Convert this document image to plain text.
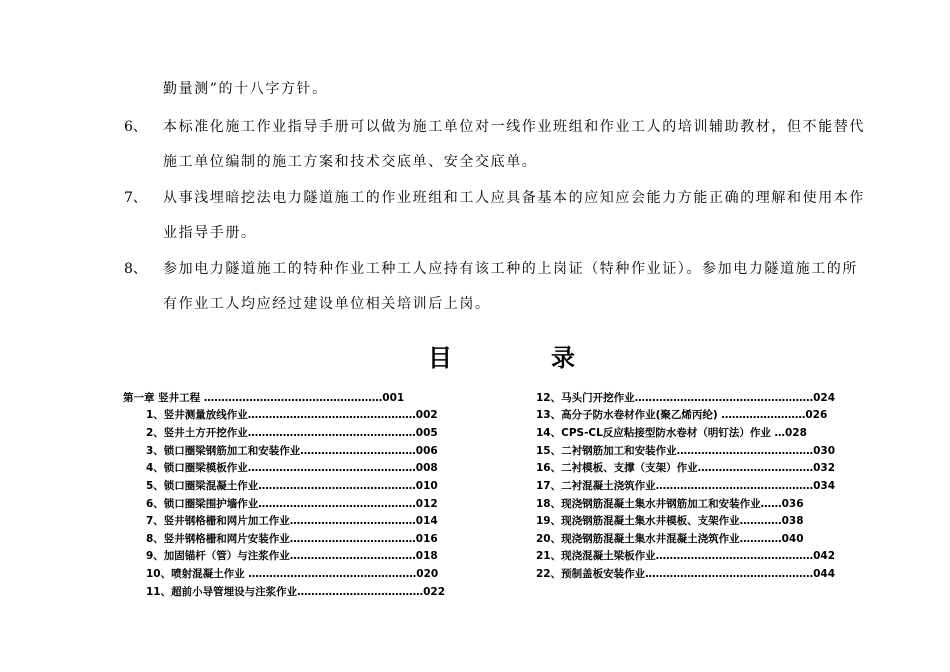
勤量测”的十八字方针。
6、 本标准化施工作业指导手册可以做为施工单位对一线作业班组和作业工人的培训辅助教材，但不能替代
施工单位编制的施工方案和技术交底单、安全交底单。
7、 从事浅埋暗挖法电力隧道施工的作业班组和工人应具备基本的应知应会能力方能正确的理解和使用本作
业指导手册。
8、 参加电力隧道施工的特种作业工种工人应持有该工种的上岗证（特种作业证）。参加电力隧道施工的所
有作业工人均应经过建设单位相关培训后上岗。
目	录
第一章 竖井工程 ……………………………………………001
1、竖井测量放线作业…………………………………………002
2、竖井土方开挖作业…………………………………………005
3、锁口圈梁钢筋加工和安装作业……………………………006
4、锁口圈梁模板作业…………………………………………008
5、锁口圈梁混凝土作业………………………………………010
6、锁口圈梁围护墙作业………………………………………012
7、竖井钢格栅和网片加工作业………………………………014
8、竖井钢格栅和网片安装作业………………………………016
9、加固锚杆（管）与注浆作业………………………………018
10、喷射混凝土作业 …………………………………………020
11、超前小导管埋设与注浆作业………………………………022
12、马头门开挖作业……………………………………………024
13、高分子防水卷材作业(聚乙烯丙纶) ……………………026
14、CPS-CL反应粘接型防水卷材（明钉法）作业 …028
15、二衬钢筋加工和安装作业…………………………………030
16、二衬模板、支撑（支架）作业……………………………032
17、二衬混凝土浇筑作业………………………………………034
18、现浇钢筋混凝土集水井钢筋加工和安装作业……036
19、现浇钢筋混凝土集水井模板、支架作业…………038
20、现浇钢筋混凝土集水井混凝土浇筑作业…………040
21、现浇混凝土梁板作业………………………………………042
22、预制盖板安装作业…………………………………………044
